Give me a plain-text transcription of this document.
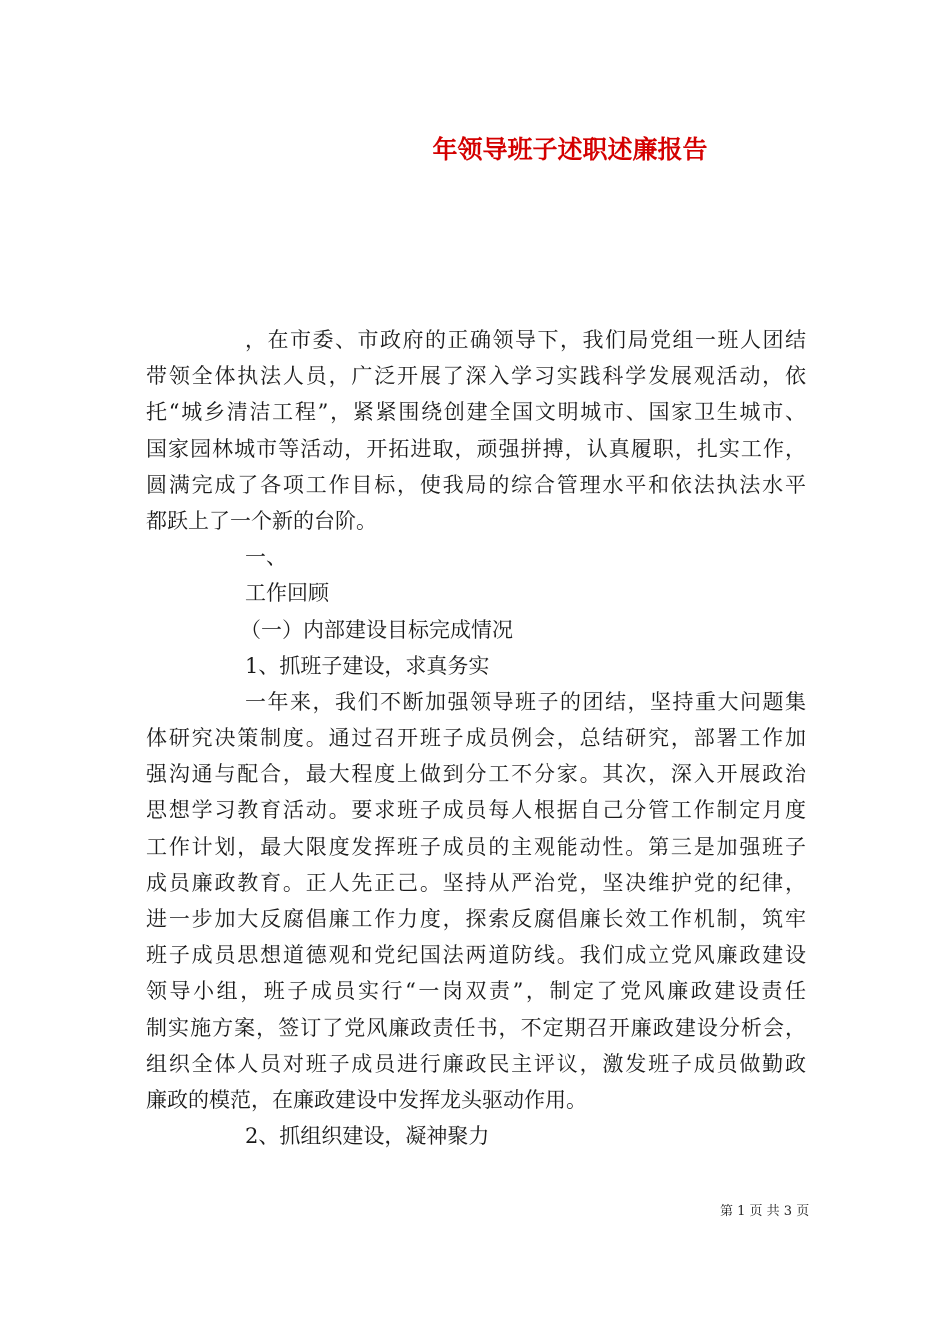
年领导班子述职述廉报告
，在市委、市政府的正确领导下，我们局党组一班人团结
带领全体执法人员，广泛开展了深入学习实践科学发展观活动，依
托“城乡清洁工程”，紧紧围绕创建全国文明城市、国家卫生城市、
国家园林城市等活动，开拓进取，顽强拼搏，认真履职，扎实工作，
圆满完成了各项工作目标，使我局的综合管理水平和依法执法水平
都跃上了一个新的台阶。
一、
工作回顾
（一）内部建设目标完成情况
1、抓班子建设，求真务实
一年来，我们不断加强领导班子的团结，坚持重大问题集
体研究决策制度。通过召开班子成员例会，总结研究，部署工作加
强沟通与配合，最大程度上做到分工不分家。其次，深入开展政治
思想学习教育活动。要求班子成员每人根据自己分管工作制定月度
工作计划，最大限度发挥班子成员的主观能动性。第三是加强班子
成员廉政教育。正人先正己。坚持从严治党，坚决维护党的纪律，
进一步加大反腐倡廉工作力度，探索反腐倡廉长效工作机制，筑牢
班子成员思想道德观和党纪国法两道防线。我们成立党风廉政建设
领导小组，班子成员实行“一岗双责”，制定了党风廉政建设责任
制实施方案，签订了党风廉政责任书，不定期召开廉政建设分析会，
组织全体人员对班子成员进行廉政民主评议，激发班子成员做勤政
廉政的模范，在廉政建设中发挥龙头驱动作用。
2、抓组织建设，凝神聚力
第 1 页 共 3 页
